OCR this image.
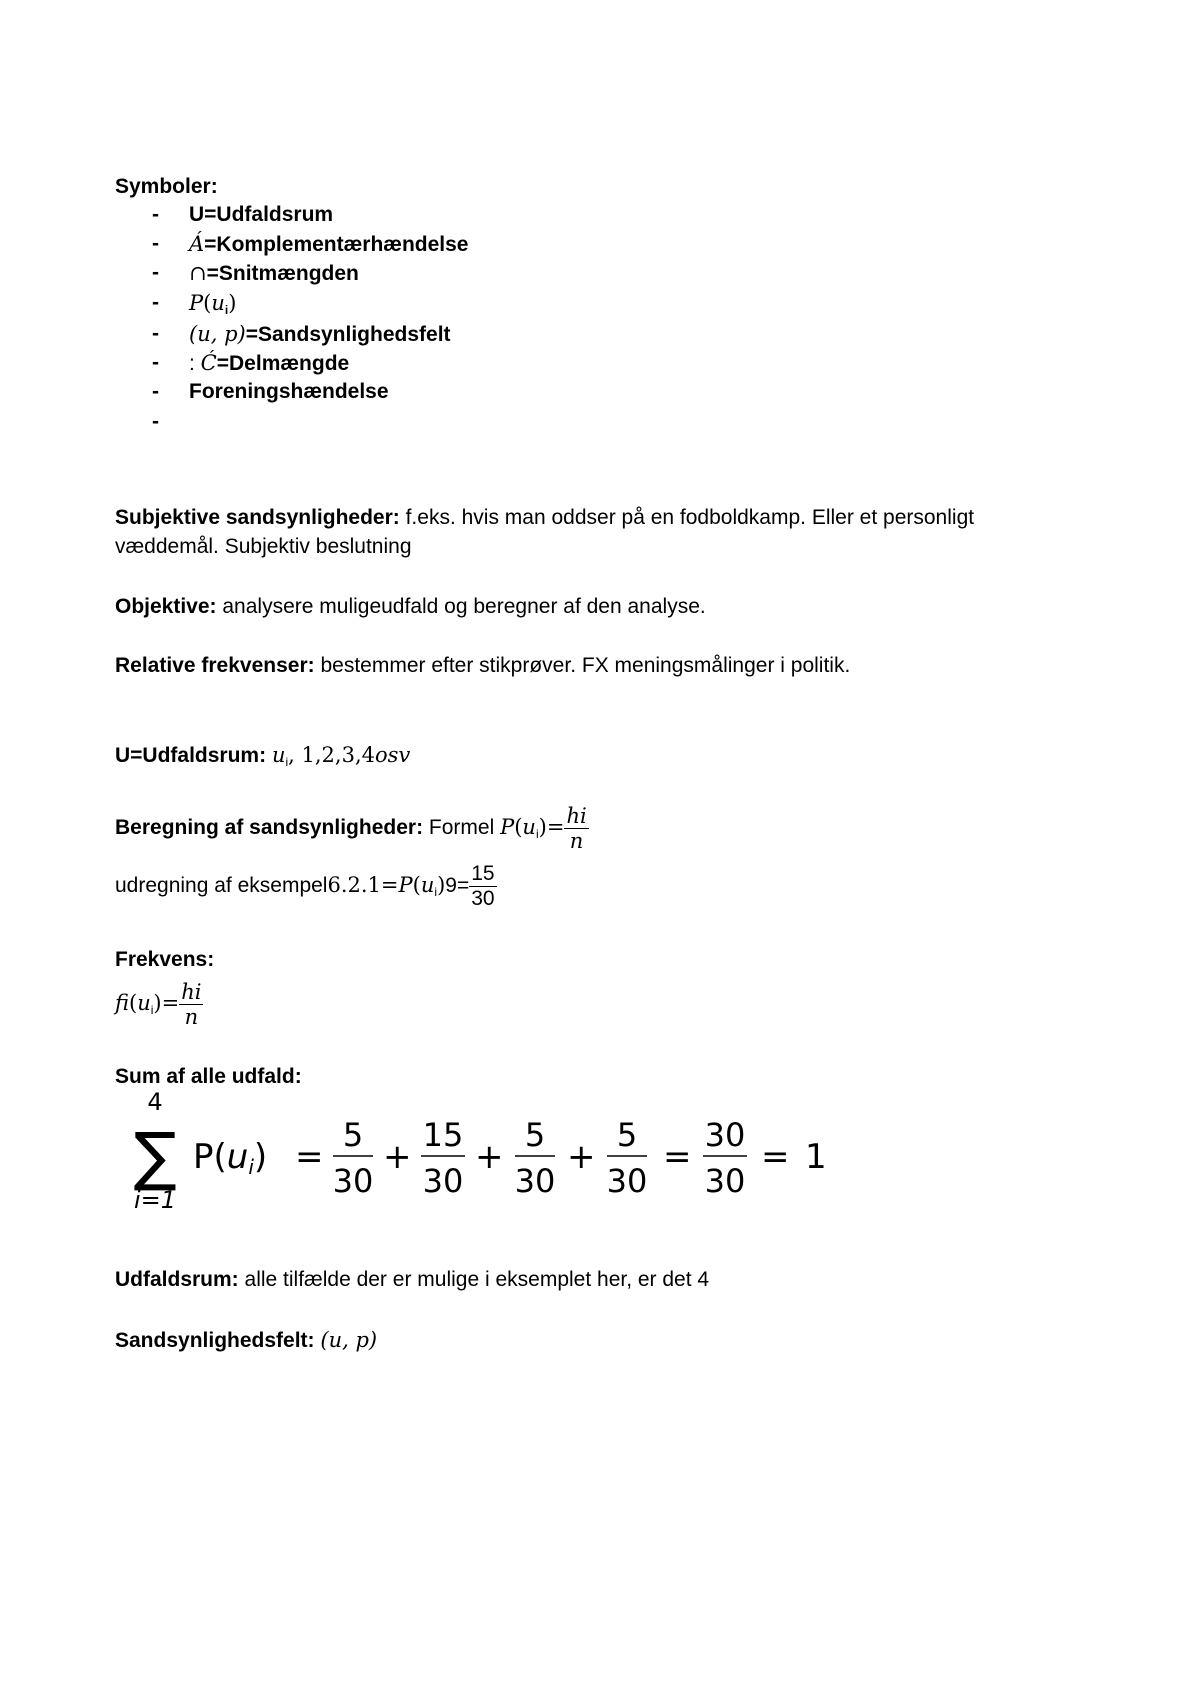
Symboler:
-
-
-
-
-
-
-
-
U=Udfaldsrum
Á=Komplementærhændelse
∩=Snitmængden
$P(u_i)$
(u, p)=Sandsynlighedsfelt
: Ć=Delmængde
Foreningshændelse
Subjektive sandsynligheder: f.eks. hvis man oddser på en fodboldkamp. Eller et personligt
væddemål. Subjektiv beslutning
Objektive: analysere muligeudfald og beregner af den analyse.
Relative frekvenser: bestemmer efter stikprøver. FX meningsmålinger i politik.
U=Udfaldsrum: $u_i$, 1,2,3,4osv
Beregning af sandsynligheder: Formel $P(u_i)= \frac{hi}{n}$
udregning af $eksempel6.2.1=P(u_i)9= \frac{15}{30}$
Frekvens:
$fi(u_i)= \frac{hi}{n}$
Sum af alle udfald:
4
∑
i=1
P(ui) =
5
30
+
15
30
+
5
30
+
5
30
=
30
30
= 1
Udfaldsrum: alle tilfælde der er mulige i eksemplet her, er det 4
Sandsynlighedsfelt: (u, p)
